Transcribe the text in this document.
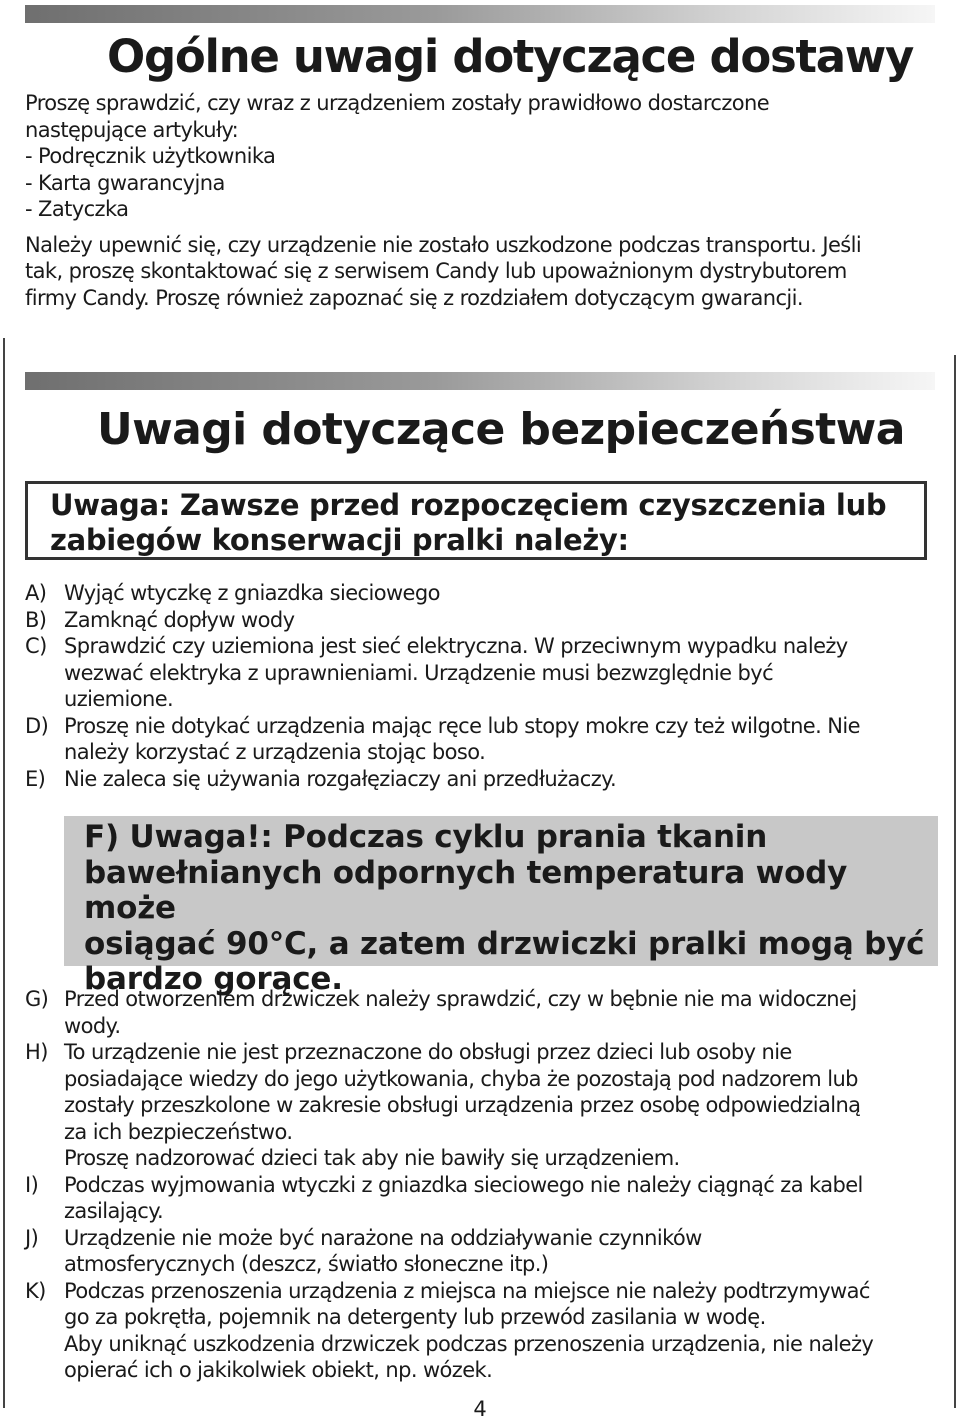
Ogólne uwagi dotyczące dostawy

Proszę sprawdzić, czy wraz z urządzeniem zostały prawidłowo dostarczone

następujące artykuły:

- Podręcznik użytkownika

- Karta gwarancyjna

- Zatyczka

Należy upewnić się, czy urządzenie nie zostało uszkodzone podczas transportu. Jeśli

tak, proszę skontaktować się z serwisem Candy lub upoważnionym dystrybutorem

firmy Candy. Proszę również zapoznać się z rozdziałem dotyczącym gwarancji.

Uwagi dotyczące bezpieczeństwa
Uwaga: Zawsze przed rozpoczęciem czyszczenia lub
zabiegów konserwacji pralki należy:
A) Wyjąć wtyczkę z gniazdka sieciowego
B) Zamknąć dopływ wody
C) Sprawdzić czy uziemiona jest sieć elektryczna. W przeciwnym wypadku należy
wezwać elektryka z uprawnieniami. Urządzenie musi bezwzględnie być
uziemione.
D) Proszę nie dotykać urządzenia mając ręce lub stopy mokre czy też wilgotne. Nie
należy korzystać z urządzenia stojąc boso.
E) Nie zaleca się używania rozgałęziaczy ani przedłużaczy.
F) Uwaga!: Podczas cyklu prania tkanin
bawełnianych odpornych temperatura wody może
osiągać 90°C, a zatem drzwiczki pralki mogą być
bardzo gorące.
G) Przed otworzeniem drzwiczek należy sprawdzić, czy w bębnie nie ma widocznej
wody.
H) To urządzenie nie jest przeznaczone do obsługi przez dzieci lub osoby nie
posiadające wiedzy do jego użytkowania, chyba że pozostają pod nadzorem lub
zostały przeszkolone w zakresie obsługi urządzenia przez osobę odpowiedzialną
za ich bezpieczeństwo.
Proszę nadzorować dzieci tak aby nie bawiły się urządzeniem.
I) Podczas wyjmowania wtyczki z gniazdka sieciowego nie należy ciągnąć za kabel
zasilający.
J) Urządzenie nie może być narażone na oddziaływanie czynników
atmosferycznych (deszcz, światło słoneczne itp.)
K) Podczas przenoszenia urządzenia z miejsca na miejsce nie należy podtrzymywać
go za pokrętła, pojemnik na detergenty lub przewód zasilania w wodę.
Aby uniknąć uszkodzenia drzwiczek podczas przenoszenia urządzenia, nie należy
opierać ich o jakikolwiek obiekt, np. wózek.
4
